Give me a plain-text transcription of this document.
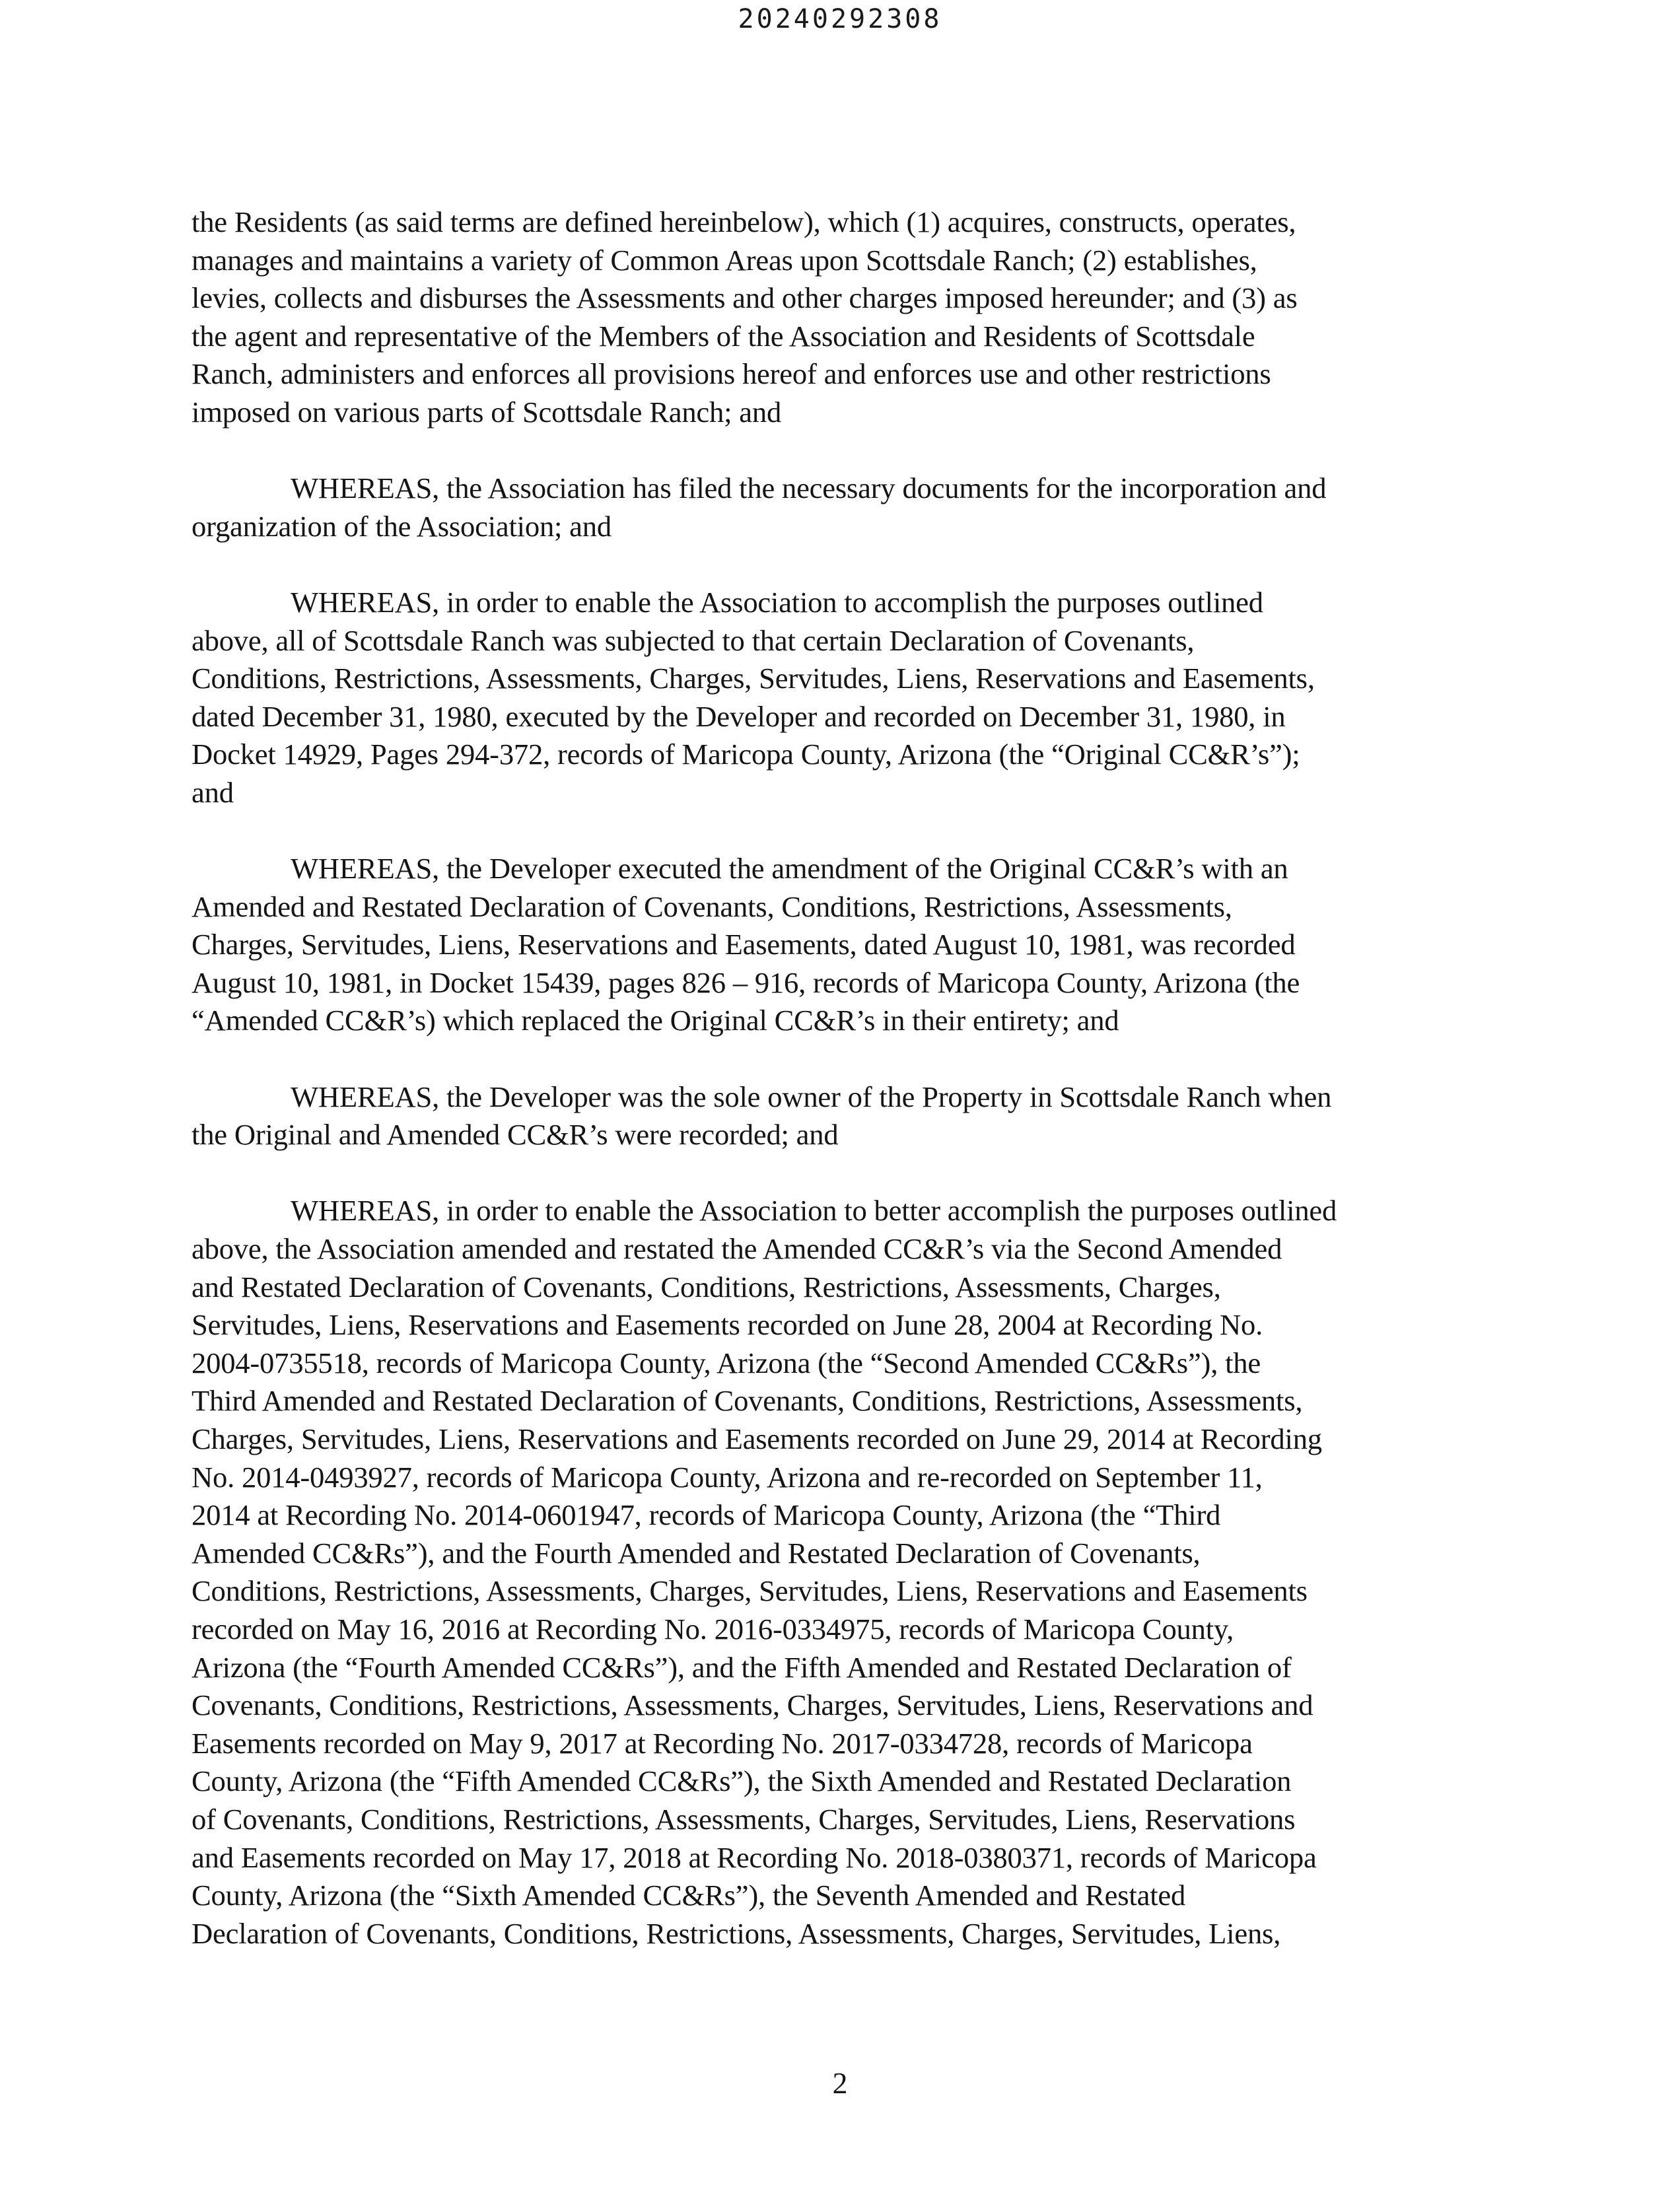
20240292308

the Residents (as said terms are defined hereinbelow), which (1) acquires, constructs, operates,
manages and maintains a variety of Common Areas upon Scottsdale Ranch; (2) establishes,
levies, collects and disburses the Assessments and other charges imposed hereunder; and (3) as
the agent and representative of the Members of the Association and Residents of Scottsdale
Ranch, administers and enforces all provisions hereof and enforces use and other restrictions
imposed on various parts of Scottsdale Ranch; and

WHEREAS, the Association has filed the necessary documents for the incorporation and
organization of the Association; and

WHEREAS, in order to enable the Association to accomplish the purposes outlined
above, all of Scottsdale Ranch was subjected to that certain Declaration of Covenants,
Conditions, Restrictions, Assessments, Charges, Servitudes, Liens, Reservations and Easements,
dated December 31, 1980, executed by the Developer and recorded on December 31, 1980, in
Docket 14929, Pages 294-372, records of Maricopa County, Arizona (the “Original CC&R’s”);
and

WHEREAS, the Developer executed the amendment of the Original CC&R’s with an
Amended and Restated Declaration of Covenants, Conditions, Restrictions, Assessments,
Charges, Servitudes, Liens, Reservations and Easements, dated August 10, 1981, was recorded
August 10, 1981, in Docket 15439, pages 826 – 916, records of Maricopa County, Arizona (the
“Amended CC&R’s) which replaced the Original CC&R’s in their entirety; and

WHEREAS, the Developer was the sole owner of the Property in Scottsdale Ranch when
the Original and Amended CC&R’s were recorded; and

WHEREAS, in order to enable the Association to better accomplish the purposes outlined
above, the Association amended and restated the Amended CC&R’s via the Second Amended
and Restated Declaration of Covenants, Conditions, Restrictions, Assessments, Charges,
Servitudes, Liens, Reservations and Easements recorded on June 28, 2004 at Recording No.
2004-0735518, records of Maricopa County, Arizona (the “Second Amended CC&Rs”), the
Third Amended and Restated Declaration of Covenants, Conditions, Restrictions, Assessments,
Charges, Servitudes, Liens, Reservations and Easements recorded on June 29, 2014 at Recording
No. 2014-0493927, records of Maricopa County, Arizona and re-recorded on September 11,
2014 at Recording No. 2014-0601947, records of Maricopa County, Arizona (the “Third
Amended CC&Rs”), and the Fourth Amended and Restated Declaration of Covenants,
Conditions, Restrictions, Assessments, Charges, Servitudes, Liens, Reservations and Easements
recorded on May 16, 2016 at Recording No. 2016-0334975, records of Maricopa County,
Arizona (the “Fourth Amended CC&Rs”), and the Fifth Amended and Restated Declaration of
Covenants, Conditions, Restrictions, Assessments, Charges, Servitudes, Liens, Reservations and
Easements recorded on May 9, 2017 at Recording No. 2017-0334728, records of Maricopa
County, Arizona (the “Fifth Amended CC&Rs”), the Sixth Amended and Restated Declaration
of Covenants, Conditions, Restrictions, Assessments, Charges, Servitudes, Liens, Reservations
and Easements recorded on May 17, 2018 at Recording No. 2018-0380371, records of Maricopa
County, Arizona (the “Sixth Amended CC&Rs”), the Seventh Amended and Restated
Declaration of Covenants, Conditions, Restrictions, Assessments, Charges, Servitudes, Liens,

2
